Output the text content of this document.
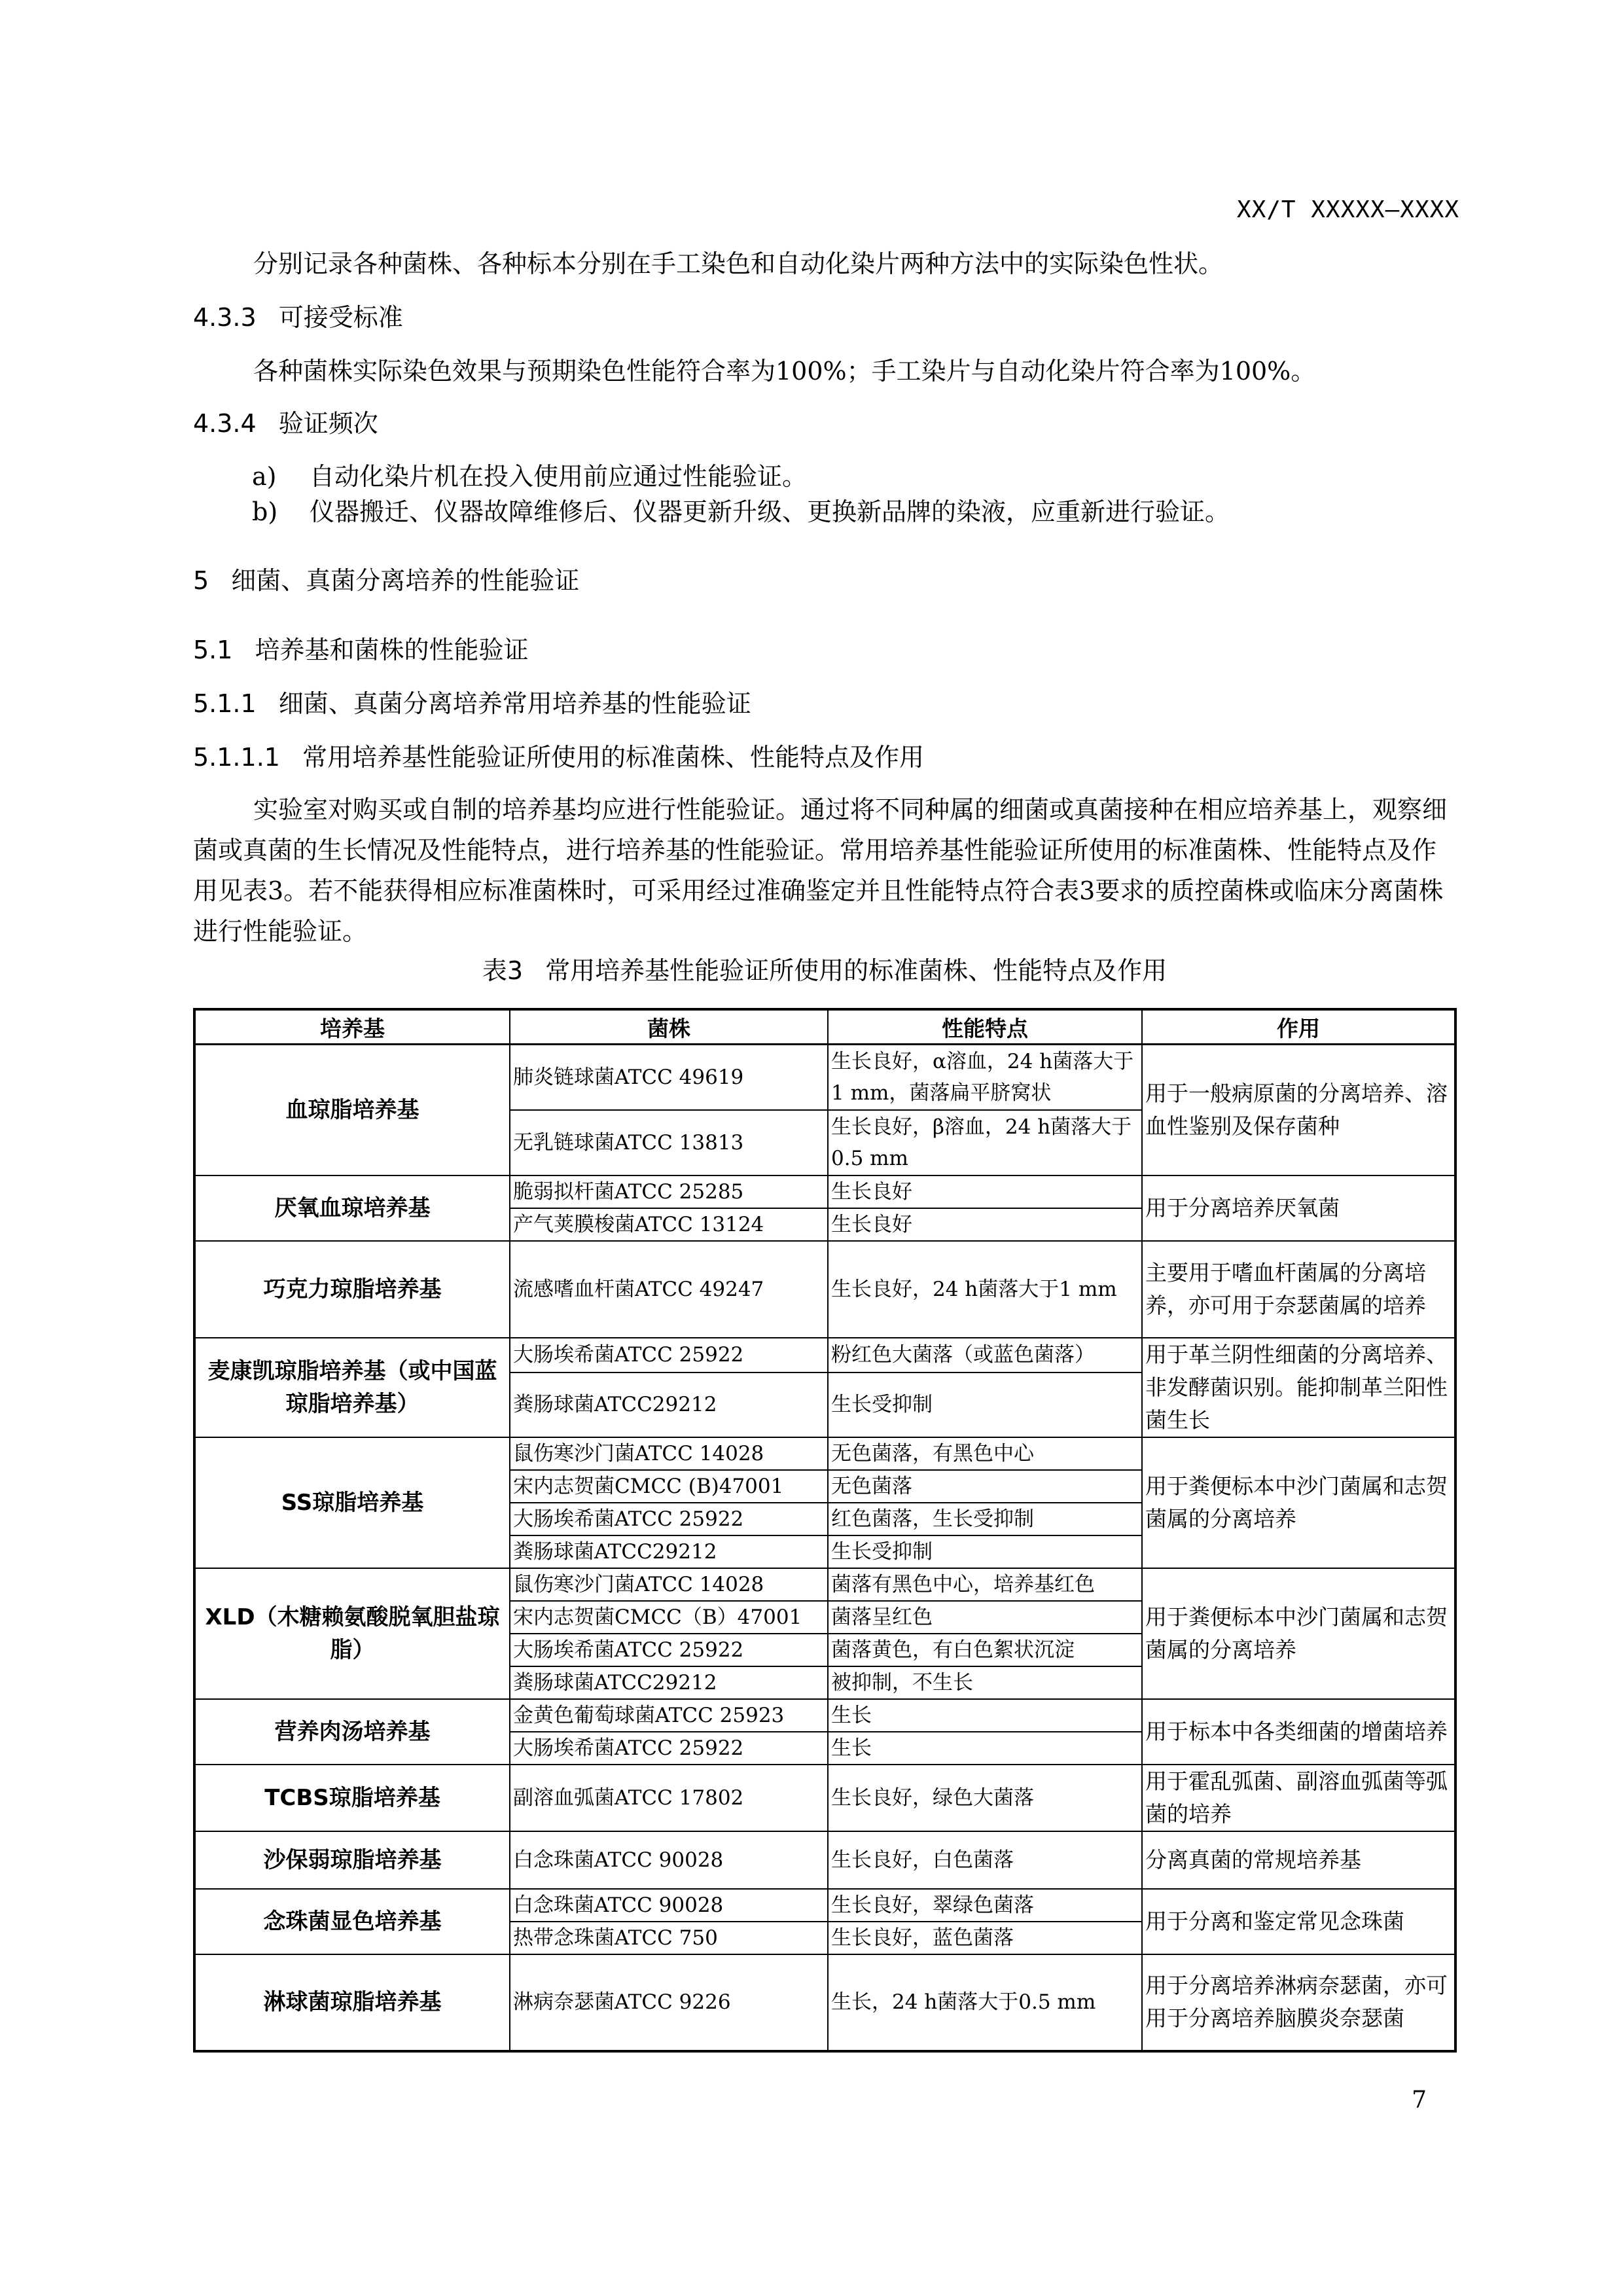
XX/T XXXXX—XXXX
分别记录各种菌株、各种标本分别在手工染色和自动化染片两种方法中的实际染色性状。
4.3.3 可接受标准
各种菌株实际染色效果与预期染色性能符合率为100%；手工染片与自动化染片符合率为100%。
4.3.4 验证频次
a) 自动化染片机在投入使用前应通过性能验证。
b) 仪器搬迁、仪器故障维修后、仪器更新升级、更换新品牌的染液，应重新进行验证。
5 细菌、真菌分离培养的性能验证
5.1 培养基和菌株的性能验证
5.1.1 细菌、真菌分离培养常用培养基的性能验证
5.1.1.1 常用培养基性能验证所使用的标准菌株、性能特点及作用
实验室对购买或自制的培养基均应进行性能验证。通过将不同种属的细菌或真菌接种在相应培养基上，观察细菌或真菌的生长情况及性能特点，进行培养基的性能验证。常用培养基性能验证所使用的标准菌株、性能特点及作用见表3。若不能获得相应标准菌株时，可采用经过准确鉴定并且性能特点符合表3要求的质控菌株或临床分离菌株进行性能验证。
表3 常用培养基性能验证所使用的标准菌株、性能特点及作用
培养基	菌株	性能特点	作用
血琼脂培养基	肺炎链球菌ATCC 49619	生长良好，α溶血，24 h菌落大于1 mm，菌落扁平脐窝状	用于一般病原菌的分离培养、溶血性鉴别及保存菌种
	无乳链球菌ATCC 13813	生长良好，β溶血，24 h菌落大于0.5 mm	
厌氧血琼培养基	脆弱拟杆菌ATCC 25285	生长良好	用于分离培养厌氧菌
	产气荚膜梭菌ATCC 13124	生长良好	
巧克力琼脂培养基	流感嗜血杆菌ATCC 49247	生长良好，24 h菌落大于1 mm	主要用于嗜血杆菌属的分离培养，亦可用于奈瑟菌属的培养
麦康凯琼脂培养基（或中国蓝琼脂培养基）	大肠埃希菌ATCC 25922	粉红色大菌落（或蓝色菌落）	用于革兰阴性细菌的分离培养、非发酵菌识别。能抑制革兰阳性菌生长
	粪肠球菌ATCC29212	生长受抑制	
SS琼脂培养基	鼠伤寒沙门菌ATCC 14028	无色菌落，有黑色中心	用于粪便标本中沙门菌属和志贺菌属的分离培养
	宋内志贺菌CMCC (B)47001	无色菌落	
	大肠埃希菌ATCC 25922	红色菌落，生长受抑制	
	粪肠球菌ATCC29212	生长受抑制	
XLD（木糖赖氨酸脱氧胆盐琼脂）	鼠伤寒沙门菌ATCC 14028	菌落有黑色中心，培养基红色	用于粪便标本中沙门菌属和志贺菌属的分离培养
	宋内志贺菌CMCC（B）47001	菌落呈红色	
	大肠埃希菌ATCC 25922	菌落黄色，有白色絮状沉淀	
	粪肠球菌ATCC29212	被抑制，不生长	
营养肉汤培养基	金黄色葡萄球菌ATCC 25923	生长	用于标本中各类细菌的增菌培养
	大肠埃希菌ATCC 25922	生长	
TCBS琼脂培养基	副溶血弧菌ATCC 17802	生长良好，绿色大菌落	用于霍乱弧菌、副溶血弧菌等弧菌的培养
沙保弱琼脂培养基	白念珠菌ATCC 90028	生长良好，白色菌落	分离真菌的常规培养基
念珠菌显色培养基	白念珠菌ATCC 90028	生长良好，翠绿色菌落	用于分离和鉴定常见念珠菌
	热带念珠菌ATCC 750	生长良好，蓝色菌落	
淋球菌琼脂培养基	淋病奈瑟菌ATCC 9226	生长，24 h菌落大于0.5 mm	用于分离培养淋病奈瑟菌，亦可用于分离培养脑膜炎奈瑟菌
7
